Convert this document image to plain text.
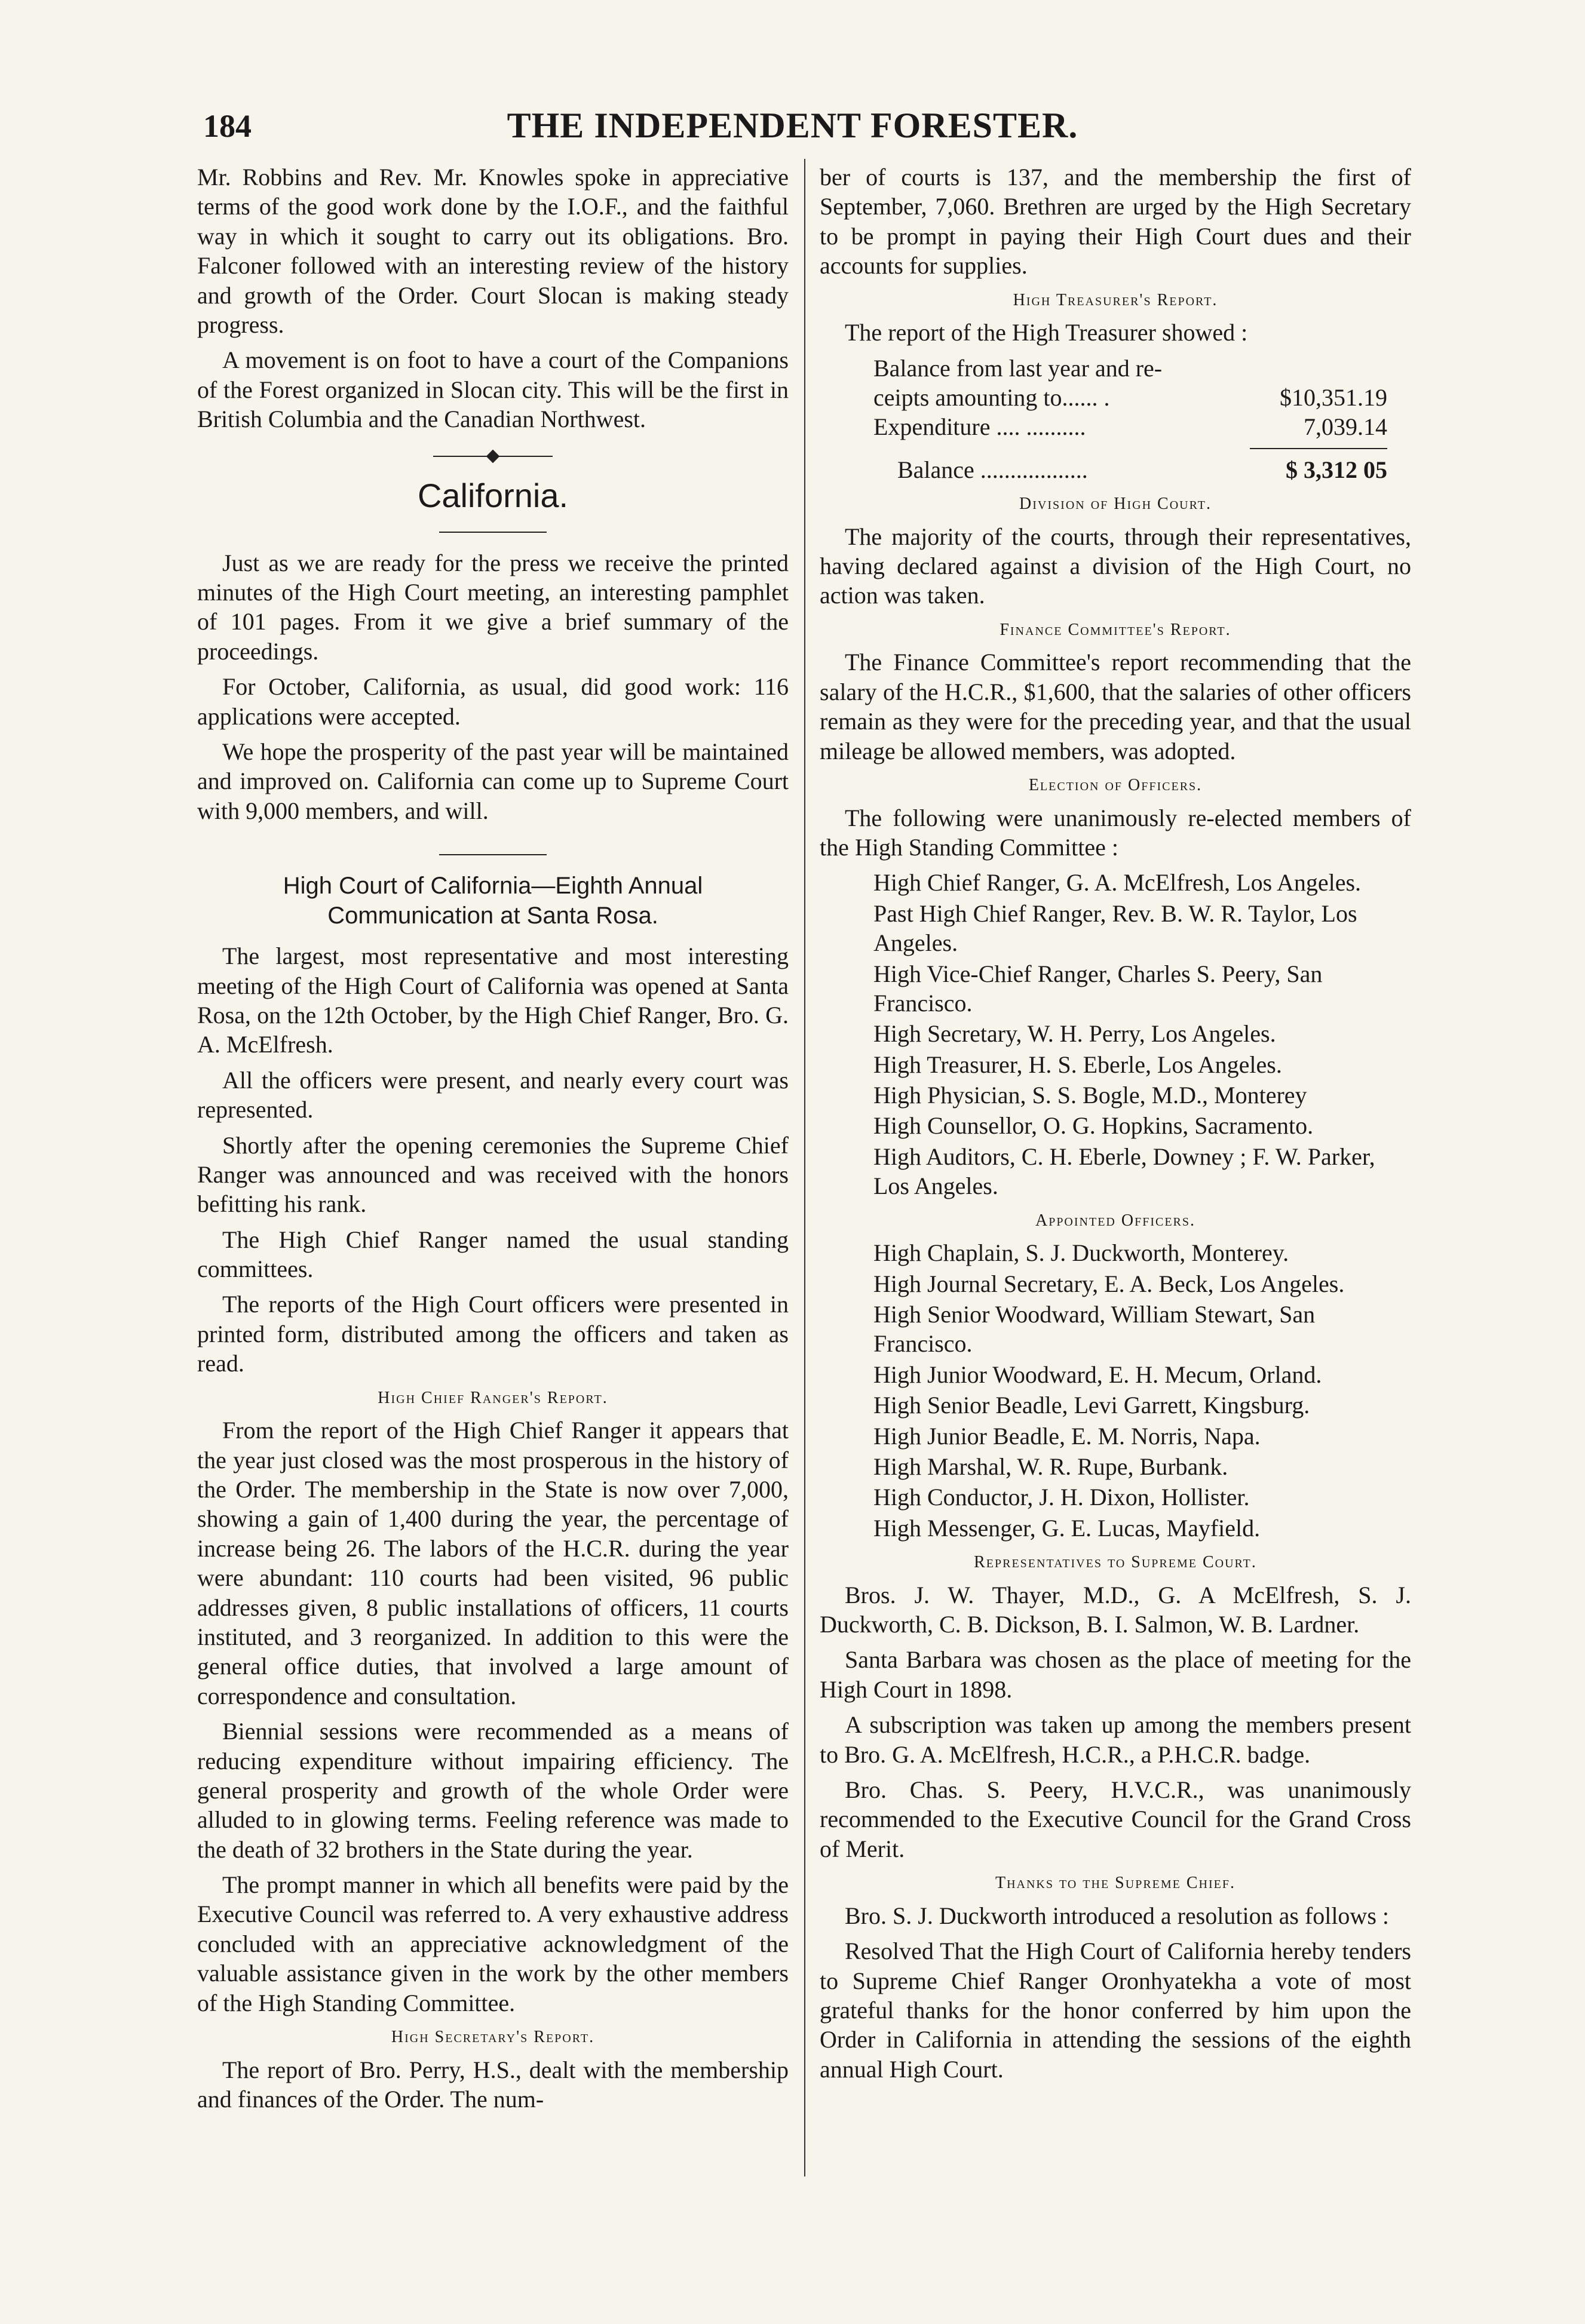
184	THE INDEPENDENT FORESTER.

Mr. Robbins and Rev. Mr. Knowles spoke in appreciative terms of the good work done by the I.O.F., and the faithful way in which it sought to carry out its obligations. Bro. Falconer followed with an interesting review of the history and growth of the Order. Court Slocan is making steady progress.

A movement is on foot to have a court of the Companions of the Forest organized in Slocan city. This will be the first in British Columbia and the Canadian Northwest.

California.

Just as we are ready for the press we receive the printed minutes of the High Court meeting, an interesting pamphlet of 101 pages. From it we give a brief summary of the proceedings.

For October, California, as usual, did good work: 116 applications were accepted.

We hope the prosperity of the past year will be maintained and improved on. California can come up to Supreme Court with 9,000 members, and will.

High Court of California—Eighth Annual Communication at Santa Rosa.

The largest, most representative and most interesting meeting of the High Court of California was opened at Santa Rosa, on the 12th October, by the High Chief Ranger, Bro. G. A. McElfresh.

All the officers were present, and nearly every court was represented.

Shortly after the opening ceremonies the Supreme Chief Ranger was announced and was received with the honors befitting his rank.

The High Chief Ranger named the usual standing committees.

The reports of the High Court officers were presented in printed form, distributed among the officers and taken as read.

High Chief Ranger's Report.

From the report of the High Chief Ranger it appears that the year just closed was the most prosperous in the history of the Order. The membership in the State is now over 7,000, showing a gain of 1,400 during the year, the percentage of increase being 26. The labors of the H.C.R. during the year were abundant: 110 courts had been visited, 96 public addresses given, 8 public installations of officers, 11 courts instituted, and 3 reorganized. In addition to this were the general office duties, that involved a large amount of correspondence and consultation.

Biennial sessions were recommended as a means of reducing expenditure without impairing efficiency. The general prosperity and growth of the whole Order were alluded to in glowing terms. Feeling reference was made to the death of 32 brothers in the State during the year.

The prompt manner in which all benefits were paid by the Executive Council was referred to. A very exhaustive address concluded with an appreciative acknowledgment of the valuable assistance given in the work by the other members of the High Standing Committee.

High Secretary's Report.

The report of Bro. Perry, H.S., dealt with the membership and finances of the Order. The num-

ber of courts is 137, and the membership the first of September, 7,060. Brethren are urged by the High Secretary to be prompt in paying their High Court dues and their accounts for supplies.

High Treasurer's Report.

The report of the High Treasurer showed :

Balance from last year and re-
ceipts amounting to...... .	$10,351.19
Expenditure .... ..........	7,039.14
Balance ..................	$ 3,312 05
Division of High Court.

The majority of the courts, through their representatives, having declared against a division of the High Court, no action was taken.

Finance Committee's Report.

The Finance Committee's report recommending that the salary of the H.C.R., $1,600, that the salaries of other officers remain as they were for the preceding year, and that the usual mileage be allowed members, was adopted.

Election of Officers.

The following were unanimously re-elected members of the High Standing Committee :

High Chief Ranger, G. A. McElfresh, Los Angeles.

Past High Chief Ranger, Rev. B. W. R. Taylor, Los Angeles.

High Vice-Chief Ranger, Charles S. Peery, San Francisco.

High Secretary, W. H. Perry, Los Angeles.

High Treasurer, H. S. Eberle, Los Angeles.

High Physician, S. S. Bogle, M.D., Monterey

High Counsellor, O. G. Hopkins, Sacramento.

High Auditors, C. H. Eberle, Downey ; F. W. Parker, Los Angeles.

Appointed Officers.

High Chaplain, S. J. Duckworth, Monterey.

High Journal Secretary, E. A. Beck, Los Angeles.

High Senior Woodward, William Stewart, San Francisco.

High Junior Woodward, E. H. Mecum, Orland.

High Senior Beadle, Levi Garrett, Kingsburg.

High Junior Beadle, E. M. Norris, Napa.

High Marshal, W. R. Rupe, Burbank.

High Conductor, J. H. Dixon, Hollister.

High Messenger, G. E. Lucas, Mayfield.

Representatives to Supreme Court.

Bros. J. W. Thayer, M.D., G. A McElfresh, S. J. Duckworth, C. B. Dickson, B. I. Salmon, W. B. Lardner.

Santa Barbara was chosen as the place of meeting for the High Court in 1898.

A subscription was taken up among the members present to Bro. G. A. McElfresh, H.C.R., a P.H.C.R. badge.

Bro. Chas. S. Peery, H.V.C.R., was unanimously recommended to the Executive Council for the Grand Cross of Merit.

Thanks to the Supreme Chief.

Bro. S. J. Duckworth introduced a resolution as follows :

Resolved That the High Court of California hereby tenders to Supreme Chief Ranger Oronhyatekha a vote of most grateful thanks for the honor conferred by him upon the Order in California in attending the sessions of the eighth annual High Court.
